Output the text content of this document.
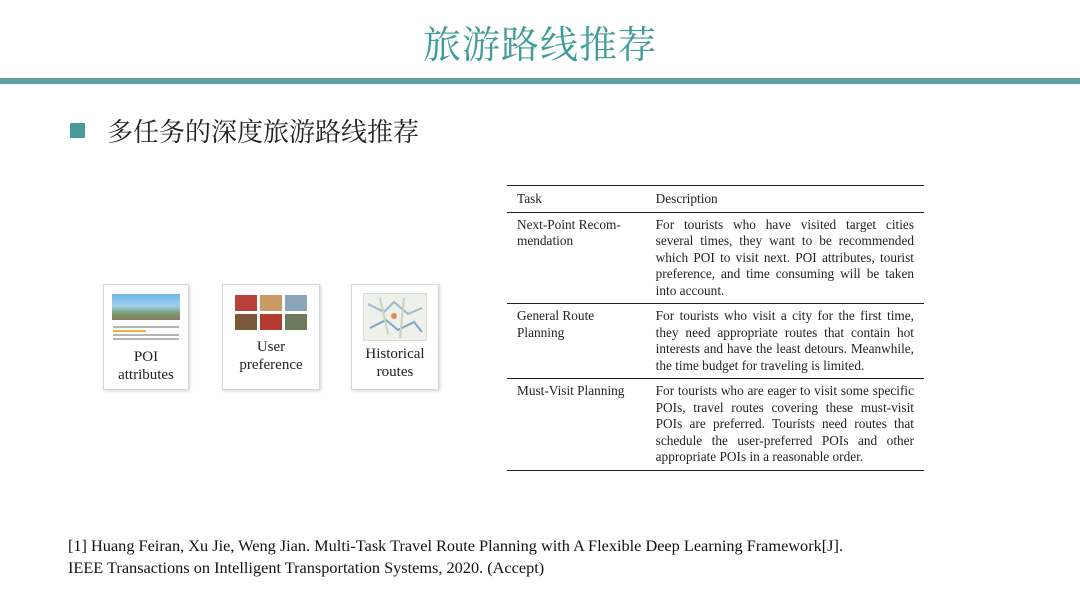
旅游路线推荐
多任务的深度旅游路线推荐
POI
attributes
User
preference
Historical
routes
Task	Description
Next-Point Recom-mendation	For tourists who have visited target cities several times, they want to be recommended which POI to visit next. POI attributes, tourist preference, and time consuming will be taken into account.
General Route Planning	For tourists who visit a city for the first time, they need appropriate routes that contain hot interests and have the least detours. Meanwhile, the time budget for traveling is limited.
Must-Visit Planning	For tourists who are eager to visit some specific POIs, travel routes covering these must-visit POIs are preferred. Tourists need routes that schedule the user-preferred POIs and other appropriate POIs in a reasonable order.
[1] Huang Feiran, Xu Jie, Weng Jian. Multi-Task Travel Route Planning with A Flexible Deep Learning Framework[J].
IEEE Transactions on Intelligent Transportation Systems, 2020. (Accept)
